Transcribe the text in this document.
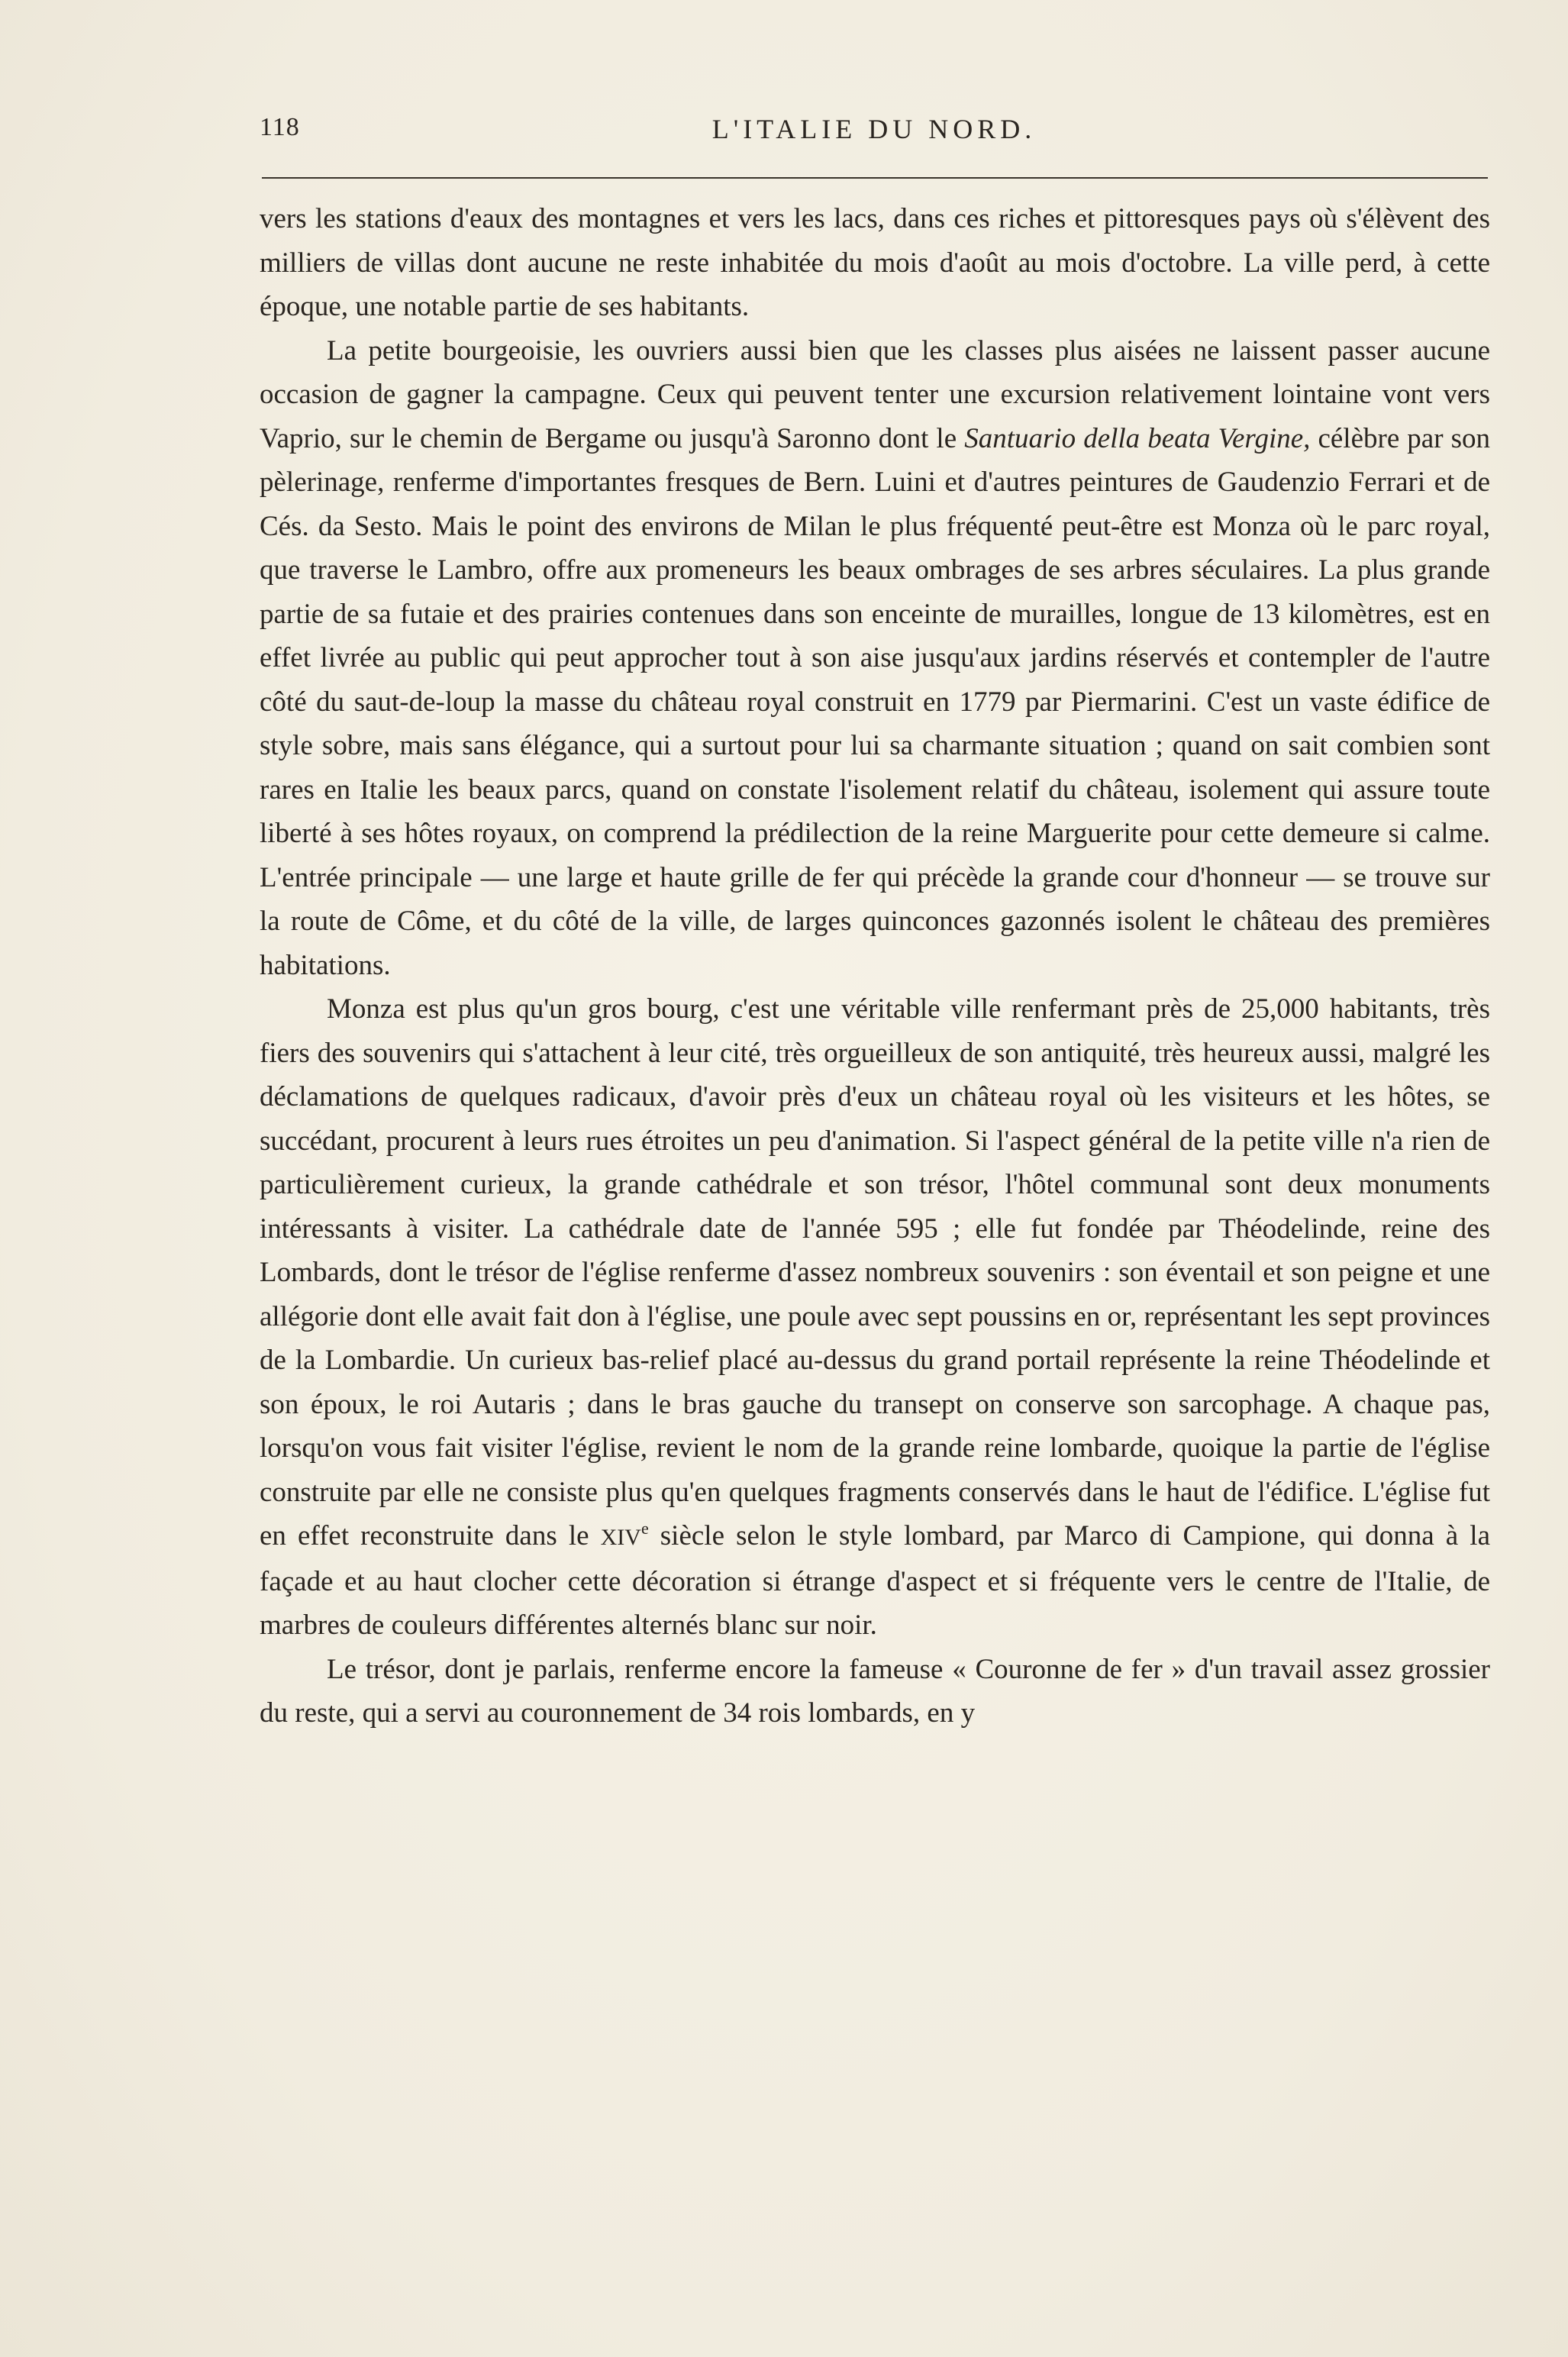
118	L'ITALIE DU NORD.

vers les stations d'eaux des montagnes et vers les lacs, dans ces riches et pittoresques pays où s'élèvent des milliers de villas dont aucune ne reste inhabitée du mois d'août au mois d'octobre. La ville perd, à cette époque, une notable partie de ses habitants.

La petite bourgeoisie, les ouvriers aussi bien que les classes plus aisées ne laissent passer aucune occasion de gagner la campagne. Ceux qui peuvent tenter une excursion relativement lointaine vont vers Vaprio, sur le chemin de Bergame ou jusqu'à Saronno dont le Santuario della beata Vergine, célèbre par son pèlerinage, renferme d'importantes fresques de Bern. Luini et d'autres peintures de Gaudenzio Ferrari et de Cés. da Sesto. Mais le point des environs de Milan le plus fréquenté peut-être est Monza où le parc royal, que traverse le Lambro, offre aux promeneurs les beaux ombrages de ses arbres séculaires. La plus grande partie de sa futaie et des prairies contenues dans son enceinte de murailles, longue de 13 kilomètres, est en effet livrée au public qui peut approcher tout à son aise jusqu'aux jardins réservés et contempler de l'autre côté du saut-de-loup la masse du château royal construit en 1779 par Piermarini. C'est un vaste édifice de style sobre, mais sans élégance, qui a surtout pour lui sa charmante situation ; quand on sait combien sont rares en Italie les beaux parcs, quand on constate l'isolement relatif du château, isolement qui assure toute liberté à ses hôtes royaux, on comprend la prédilection de la reine Marguerite pour cette demeure si calme. L'entrée principale — une large et haute grille de fer qui précède la grande cour d'honneur — se trouve sur la route de Côme, et du côté de la ville, de larges quinconces gazonnés isolent le château des premières habitations.

Monza est plus qu'un gros bourg, c'est une véritable ville renfermant près de 25,000 habitants, très fiers des souvenirs qui s'attachent à leur cité, très orgueilleux de son antiquité, très heureux aussi, malgré les déclamations de quelques radicaux, d'avoir près d'eux un château royal où les visiteurs et les hôtes, se succédant, procurent à leurs rues étroites un peu d'animation. Si l'aspect général de la petite ville n'a rien de particulièrement curieux, la grande cathédrale et son trésor, l'hôtel communal sont deux monuments intéressants à visiter. La cathédrale date de l'année 595 ; elle fut fondée par Théodelinde, reine des Lombards, dont le trésor de l'église renferme d'assez nombreux souvenirs : son éventail et son peigne et une allégorie dont elle avait fait don à l'église, une poule avec sept poussins en or, représentant les sept provinces de la Lombardie. Un curieux bas-relief placé au-dessus du grand portail représente la reine Théodelinde et son époux, le roi Autaris ; dans le bras gauche du transept on conserve son sarcophage. A chaque pas, lorsqu'on vous fait visiter l'église, revient le nom de la grande reine lombarde, quoique la partie de l'église construite par elle ne consiste plus qu'en quelques fragments conservés dans le haut de l'édifice. L'église fut en effet reconstruite dans le XIVe siècle selon le style lombard, par Marco di Campione, qui donna à la façade et au haut clocher cette décoration si étrange d'aspect et si fréquente vers le centre de l'Italie, de marbres de couleurs différentes alternés blanc sur noir.

Le trésor, dont je parlais, renferme encore la fameuse « Couronne de fer » d'un travail assez grossier du reste, qui a servi au couronnement de 34 rois lombards, en y
